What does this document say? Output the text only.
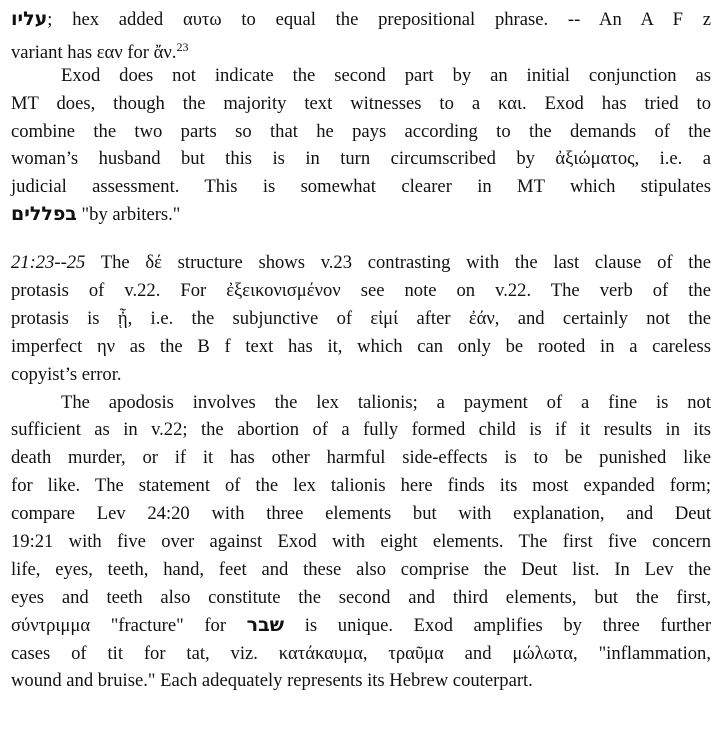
עליו; hex added αυτω to equal the prepositional phrase. -- An A F z
variant has εαν for ἄν.$^{23}$
Exod does not indicate the second part by an initial conjunction as
MT does, though the majority text witnesses to a και. Exod has tried to
combine the two parts so that he pays according to the demands of the
woman’s husband but this is in turn circumscribed by ἀξιώματος, i.e. a
judicial assessment. This is somewhat clearer in MT which stipulates
בפללים "by arbiters."
21:23--25 The δέ structure shows v.23 contrasting with the last clause of the
protasis of v.22. For ἐξεικονισμένον see note on v.22. The verb of the
protasis is ᾖ, i.e. the subjunctive of εἰμί after ἐάν, and certainly not the
imperfect ην as the B f text has it, which can only be rooted in a careless
copyist’s error.
The apodosis involves the lex talionis; a payment of a fine is not
sufficient as in v.22; the abortion of a fully formed child is if it results in its
death murder, or if it has other harmful side-effects is to be punished like
for like. The statement of the lex talionis here finds its most expanded form;
compare Lev 24:20 with three elements but with explanation, and Deut
19:21 with five over against Exod with eight elements. The first five concern
life, eyes, teeth, hand, feet and these also comprise the Deut list. In Lev the
eyes and teeth also constitute the second and third elements, but the first,
σύντριμμα "fracture" for שבר is unique. Exod amplifies by three further
cases of tit for tat, viz. κατάκαυμα, τραῦμα and μώλωτα, "inflammation,
wound and bruise." Each adequately represents its Hebrew couterpart.
